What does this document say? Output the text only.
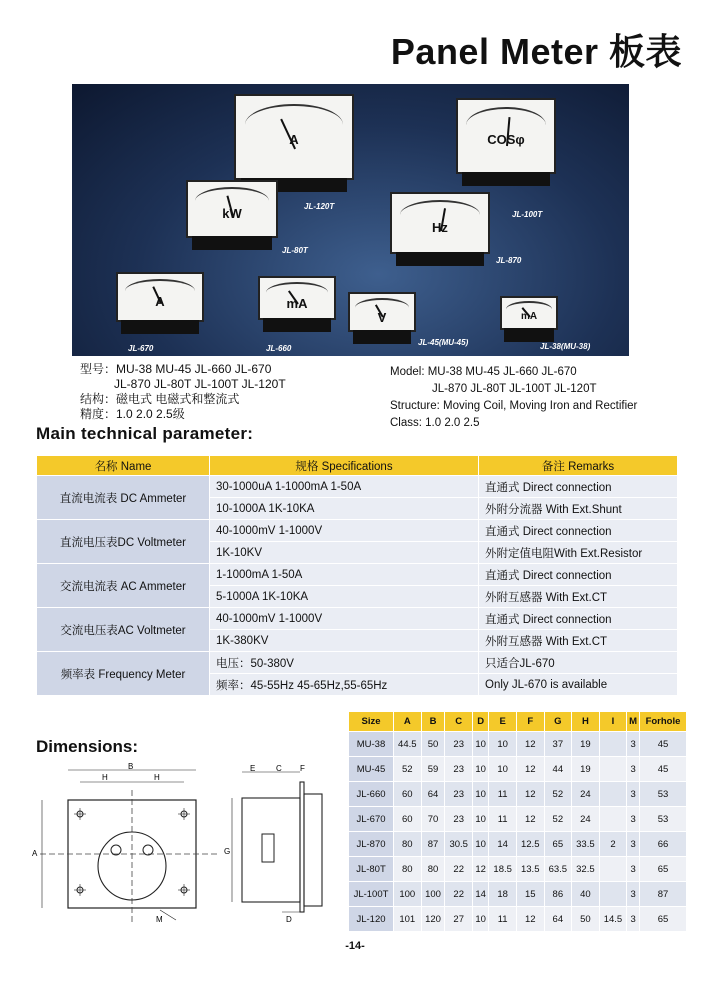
Panel Meter 板表
A
JL-120T
COSφ
JL-100T
kW
JL-80T
Hz
JL-870
A
JL-670
mA
JL-660
V
JL-45(MU-45)
mA
JL-38(MU-38)
型号：MU-38 MU-45 JL-660 JL-670
JL-870 JL-80T JL-100T JL-120T
结构：磁电式 电磁式和整流式
精度：1.0 2.0 2.5级
Model: MU-38 MU-45 JL-660 JL-670
JL-870 JL-80T JL-100T JL-120T
Structure: Moving Coil, Moving Iron and Rectifier
Class: 1.0 2.0 2.5
Main technical parameter:
名称 Name	规格 Specifications	备注 Remarks
直流电流表 DC Ammeter	30-1000uA 1-1000mA 1-50A	直通式 Direct connection
	10-1000A 1K-10KA	外附分流器 With Ext.Shunt
直流电压表DC Voltmeter	40-1000mV 1-1000V	直通式 Direct connection
	1K-10KV	外附定值电阻With Ext.Resistor
交流电流表 AC Ammeter	1-1000mA 1-50A	直通式 Direct connection
	5-1000A 1K-10KA	外附互感器 With Ext.CT
交流电压表AC Voltmeter	40-1000mV 1-1000V	直通式 Direct connection
	1K-380KV	外附互感器 With Ext.CT
频率表 Frequency Meter	电压：50-380V	只适合JL-670
	频率：45-55Hz 45-65Hz,55-65Hz	Only JL-670 is available
Dimensions:
B
H	H
A
M
E	C F
G
D
Size	A	B	C	D	E	F	G	H	I	M	Forhole
MU-38	44.5	50	23	10	10	12	37	19		3	45
MU-45	52	59	23	10	10	12	44	19		3	45
JL-660	60	64	23	10	11	12	52	24		3	53
JL-670	60	70	23	10	11	12	52	24		3	53
JL-870	80	87	30.5	10	14	12.5	65	33.5	2	3	66
JL-80T	80	80	22	12	18.5	13.5	63.5	32.5		3	65
JL-100T	100	100	22	14	18	15	86	40		3	87
JL-120	101	120	27	10	11	12	64	50	14.5	3	65
-14-
